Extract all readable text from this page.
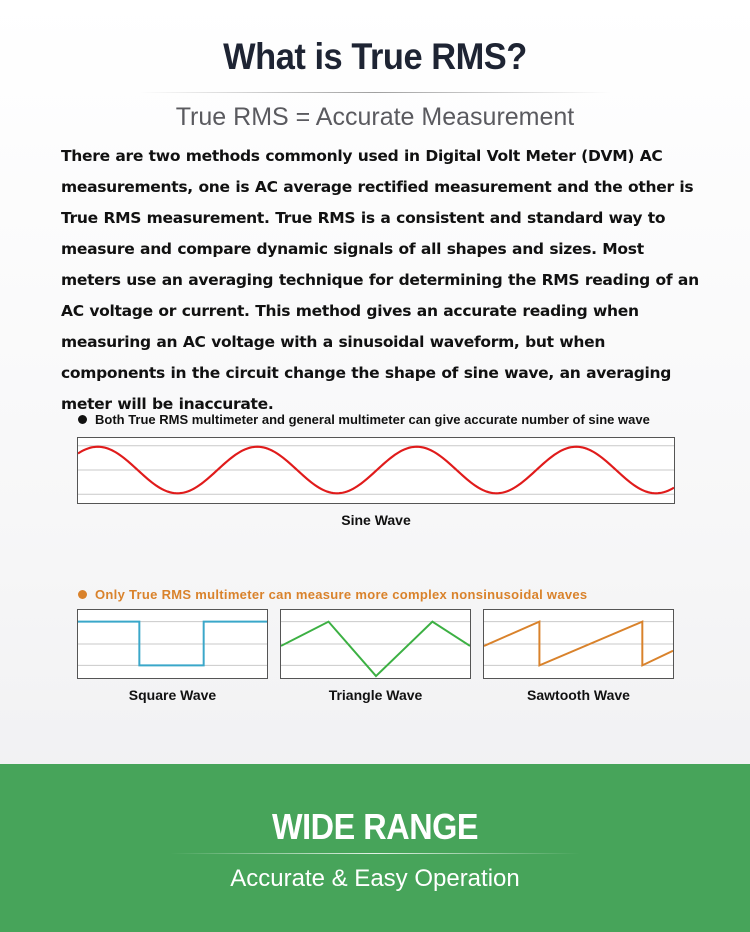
What is True RMS?
True RMS = Accurate Measurement
There are two methods commonly used in Digital Volt Meter (DVM) AC measurements, one is AC average rectified measurement and the other is True RMS measurement. True RMS is a consistent and standard way to measure and compare dynamic signals of all shapes and sizes. Most meters use an averaging technique for determining the RMS reading of an AC voltage or current. This method gives an accurate reading when measuring an AC voltage with a sinusoidal waveform, but when components in the circuit change the shape of sine wave, an averaging meter will be inaccurate.
Both True RMS multimeter and general multimeter can give accurate number of sine wave
Sine Wave
Only True RMS multimeter can measure more complex nonsinusoidal waves
Square Wave	Triangle Wave	Sawtooth Wave
WIDE RANGE
Accurate & Easy Operation
